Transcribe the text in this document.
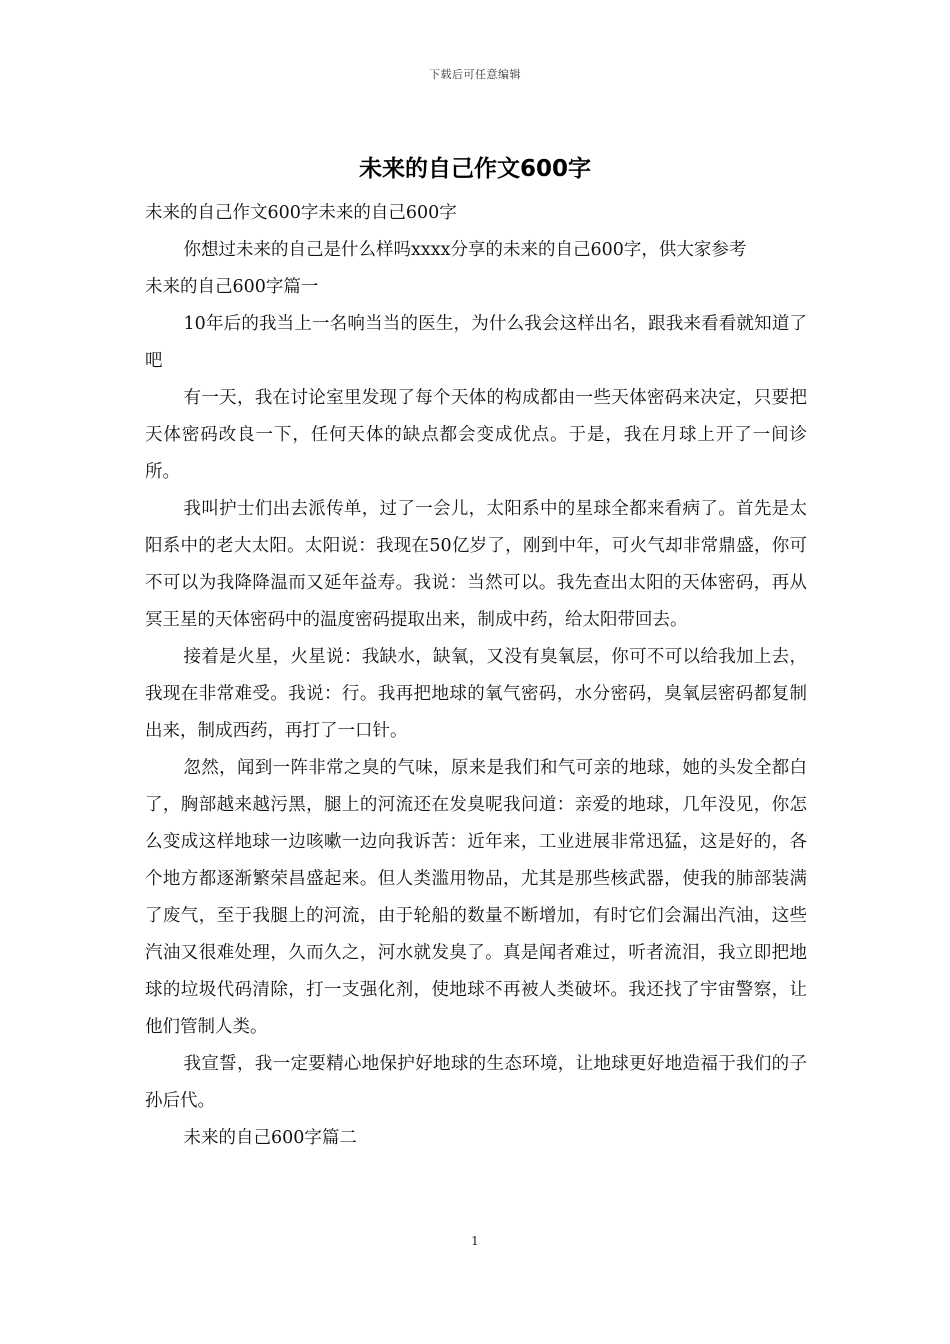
下载后可任意编辑
未来的自己作文600字

未来的自己作文600字未来的自己600字

你想过未来的自己是什么样吗xxxx分享的未来的自己600字，供大家参考

未来的自己600字篇一

10年后的我当上一名响当当的医生，为什么我会这样出名，跟我来看看就知道了吧

有一天，我在讨论室里发现了每个天体的构成都由一些天体密码来决定，只要把天体密码改良一下，任何天体的缺点都会变成优点。于是，我在月球上开了一间诊所。

我叫护士们出去派传单，过了一会儿，太阳系中的星球全都来看病了。首先是太阳系中的老大太阳。太阳说：我现在50亿岁了，刚到中年，可火气却非常鼎盛，你可不可以为我降降温而又延年益寿。我说：当然可以。我先查出太阳的天体密码，再从冥王星的天体密码中的温度密码提取出来，制成中药，给太阳带回去。

接着是火星，火星说：我缺水，缺氧，又没有臭氧层，你可不可以给我加上去，我现在非常难受。我说：行。我再把地球的氧气密码，水分密码，臭氧层密码都复制出来，制成西药，再打了一口针。

忽然，闻到一阵非常之臭的气味，原来是我们和气可亲的地球，她的头发全都白了，胸部越来越污黑，腿上的河流还在发臭呢我问道：亲爱的地球，几年没见，你怎么变成这样地球一边咳嗽一边向我诉苦：近年来，工业进展非常迅猛，这是好的，各个地方都逐渐繁荣昌盛起来。但人类滥用物品，尤其是那些核武器，使我的肺部装满了废气，至于我腿上的河流，由于轮船的数量不断增加，有时它们会漏出汽油，这些汽油又很难处理，久而久之，河水就发臭了。真是闻者难过，听者流泪，我立即把地球的垃圾代码清除，打一支强化剂，使地球不再被人类破坏。我还找了宇宙警察，让他们管制人类。

我宣誓，我一定要精心地保护好地球的生态环境，让地球更好地造福于我们的子孙后代。

未来的自己600字篇二

1
